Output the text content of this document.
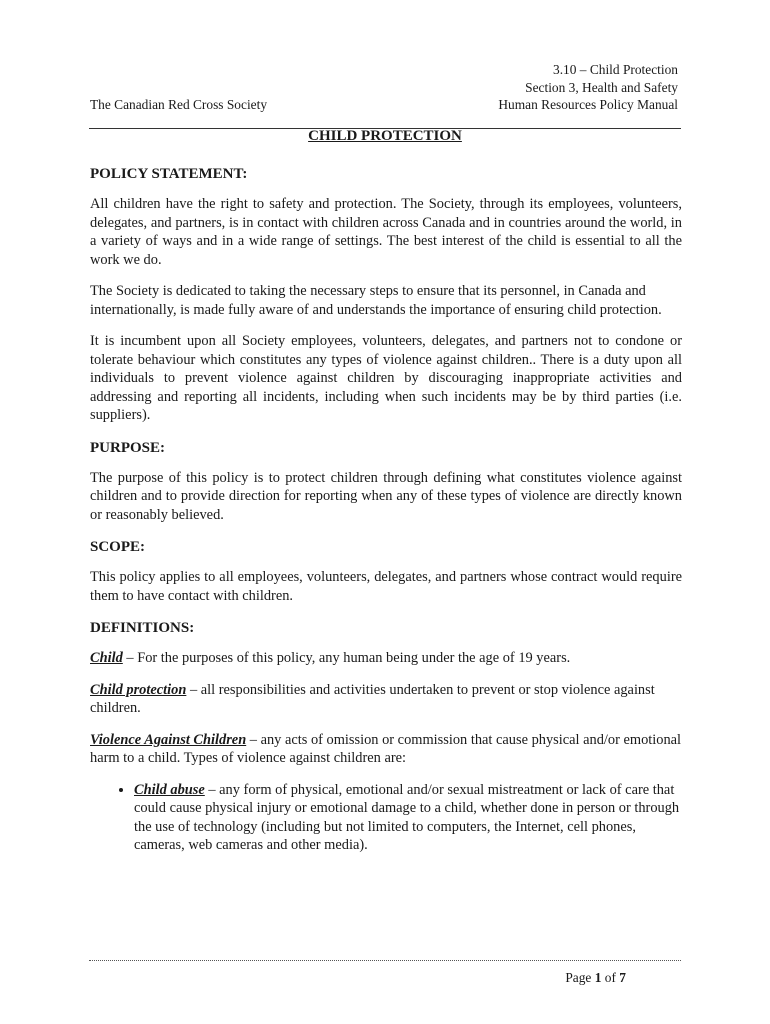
3.10 – Child Protection
Section 3, Health and Safety
Human Resources Policy Manual
The Canadian Red Cross Society
CHILD PROTECTION
POLICY STATEMENT:

All children have the right to safety and protection. The Society, through its employees, volunteers, delegates, and partners, is in contact with children across Canada and in countries around the world, in a variety of ways and in a wide range of settings. The best interest of the child is essential to all the work we do.

The Society is dedicated to taking the necessary steps to ensure that its personnel, in Canada and internationally, is made fully aware of and understands the importance of ensuring child protection.

It is incumbent upon all Society employees, volunteers, delegates, and partners not to condone or tolerate behaviour which constitutes any types of violence against children.. There is a duty upon all individuals to prevent violence against children by discouraging inappropriate activities and addressing and reporting all incidents, including when such incidents may be by third parties (i.e. suppliers).

PURPOSE:

The purpose of this policy is to protect children through defining what constitutes violence against children and to provide direction for reporting when any of these types of violence are directly known or reasonably believed.

SCOPE:

This policy applies to all employees, volunteers, delegates, and partners whose contract would require them to have contact with children.

DEFINITIONS:

Child – For the purposes of this policy, any human being under the age of 19 years.

Child protection – all responsibilities and activities undertaken to prevent or stop violence against children.

Violence Against Children – any acts of omission or commission that cause physical and/or emotional harm to a child. Types of violence against children are:

• Child abuse – any form of physical, emotional and/or sexual mistreatment or lack of care that could cause physical injury or emotional damage to a child, whether done in person or through the use of technology (including but not limited to computers, the Internet, cell phones, cameras, web cameras and other media).
Page 1 of 7
